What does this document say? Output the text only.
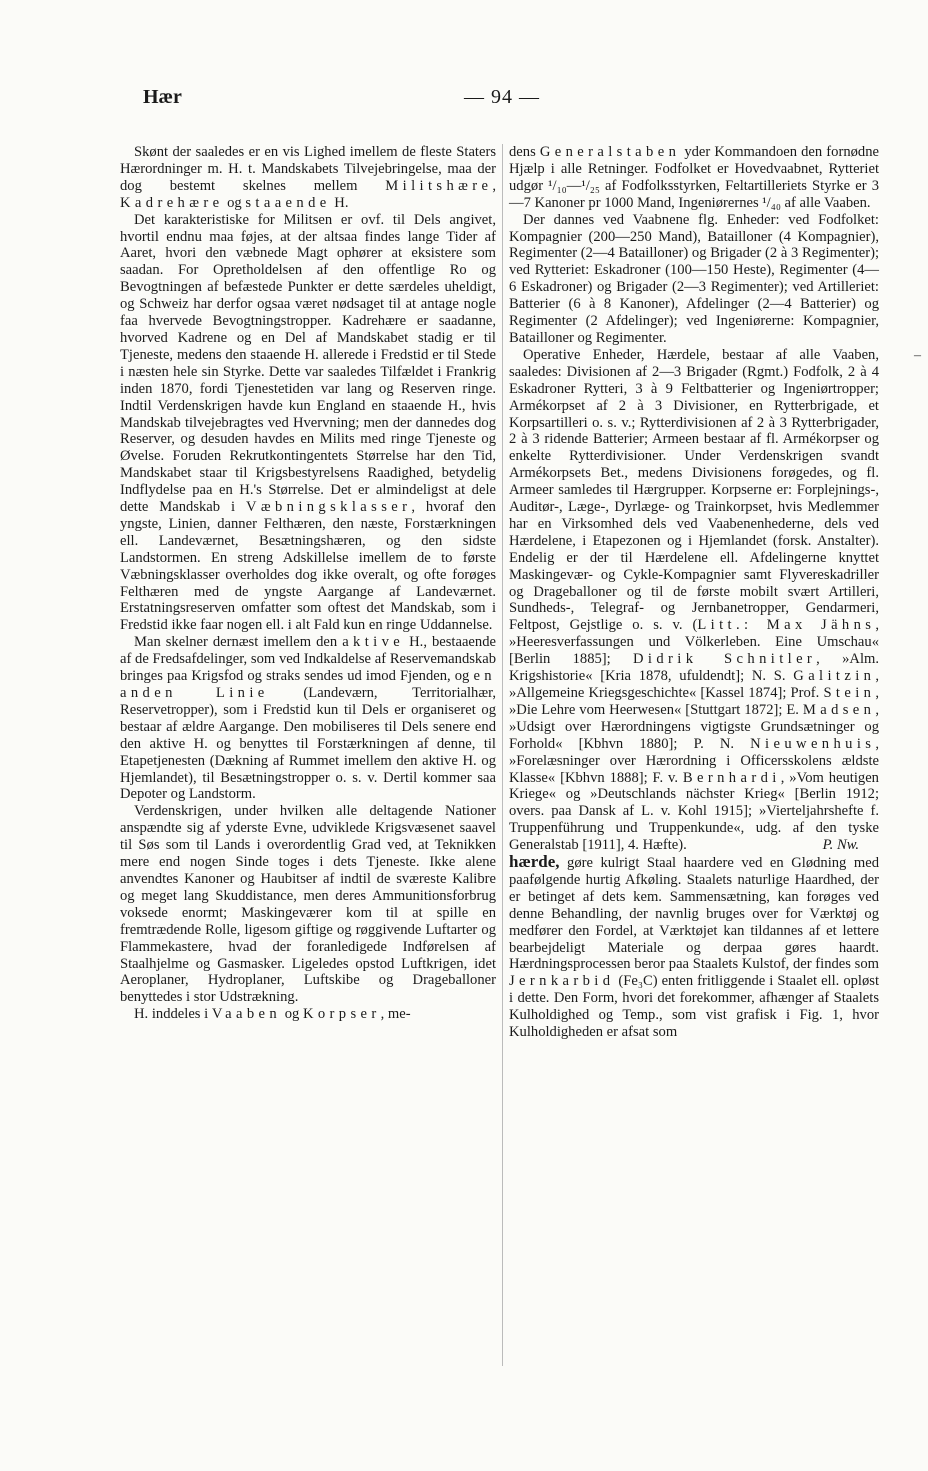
Hær	— 94 —

Skønt der saaledes er en vis Lighed imellem de fleste Staters Hærordninger m. H. t. Mandskabets Tilvejebringelse, maa der dog bestemt skelnes mellem Militshære, Kadrehære og staaende H.

Det karakteristiske for Militsen er ovf. til Dels angivet, hvortil endnu maa føjes, at der altsaa findes lange Tider af Aaret, hvori den væbnede Magt ophører at eksistere som saadan. For Opretholdelsen af den offentlige Ro og Bevogtningen af befæstede Punkter er dette særdeles uheldigt, og Schweiz har derfor ogsaa været nødsaget til at antage nogle faa hvervede Bevogtningstropper. Kadrehære er saadanne, hvorved Kadrene og en Del af Mandskabet stadig er til Tjeneste, medens den staaende H. allerede i Fredstid er til Stede i næsten hele sin Styrke. Dette var saaledes Tilfældet i Frankrig inden 1870, fordi Tjenestetiden var lang og Reserven ringe. Indtil Verdenskrigen havde kun England en staaende H., hvis Mandskab tilvejebragtes ved Hvervning; men der dannedes dog Reserver, og desuden havdes en Milits med ringe Tjeneste og Øvelse. Foruden Rekrutkontingentets Størrelse har den Tid, Mandskabet staar til Krigsbestyrelsens Raadighed, betydelig Indflydelse paa en H.'s Størrelse. Det er almindeligst at dele dette Mandskab i Væbningsklasser, hvoraf den yngste, Linien, danner Felthæren, den næste, Forstærkningen ell. Landeværnet, Besætningshæren, og den sidste Landstormen. En streng Adskillelse imellem de to første Væbningsklasser overholdes dog ikke overalt, og ofte forøges Felthæren med de yngste Aargange af Landeværnet. Erstatningsreserven omfatter som oftest det Mandskab, som i Fredstid ikke faar nogen ell. i alt Fald kun en ringe Uddannelse.

Man skelner dernæst imellem den aktive H., bestaaende af de Fredsafdelinger, som ved Indkaldelse af Reservemandskab bringes paa Krigsfod og straks sendes ud imod Fjenden, og en anden Linie (Landeværn, Territorialhær, Reservetropper), som i Fredstid kun til Dels er organiseret og bestaar af ældre Aargange. Den mobiliseres til Dels senere end den aktive H. og benyttes til Forstærkningen af denne, til Etapetjenesten (Dækning af Rummet imellem den aktive H. og Hjemlandet), til Besætningstropper o. s. v. Dertil kommer saa Depoter og Landstorm.

Verdenskrigen, under hvilken alle deltagende Nationer anspændte sig af yderste Evne, udviklede Krigsvæsenet saavel til Søs som til Lands i overordentlig Grad ved, at Teknikken mere end nogen Sinde toges i dets Tjeneste. Ikke alene anvendtes Kanoner og Haubitser af indtil de sværeste Kalibre og meget lang Skuddistance, men deres Ammunitionsforbrug voksede enormt; Maskingeværer kom til at spille en fremtrædende Rolle, ligesom giftige og røggivende Luftarter og Flammekastere, hvad der foranledigede Indførelsen af Staalhjelme og Gasmasker. Ligeledes opstod Luftkrigen, idet Aeroplaner, Hydroplaner, Luftskibe og Drageballoner benyttedes i stor Udstrækning.

H. inddeles i Vaaben og Korpser, me-

dens Generalstaben yder Kommandoen den fornødne Hjælp i alle Retninger. Fodfolket er Hovedvaabnet, Rytteriet udgør ¹/₁₀—¹/₂₅ af Fodfolksstyrken, Feltartilleriets Styrke er 3—7 Kanoner pr 1000 Mand, Ingeniørernes ¹/₄₀ af alle Vaaben.

Der dannes ved Vaabnene flg. Enheder: ved Fodfolket: Kompagnier (200—250 Mand), Batailloner (4 Kompagnier), Regimenter (2—4 Batailloner) og Brigader (2 à 3 Regimenter); ved Rytteriet: Eskadroner (100—150 Heste), Regimenter (4—6 Eskadroner) og Brigader (2—3 Regimenter); ved Artilleriet: Batterier (6 à 8 Kanoner), Afdelinger (2—4 Batterier) og Regimenter (2 Afdelinger); ved Ingeniørerne: Kompagnier, Batailloner og Regimenter.

Operative Enheder, Hærdele, bestaar af alle Vaaben, saaledes: Divisionen af 2—3 Brigader (Rgmt.) Fodfolk, 2 à 4 Eskadroner Rytteri, 3 à 9 Feltbatterier og Ingeniørtropper; Armékorpset af 2 à 3 Divisioner, en Rytterbrigade, et Korpsartilleri o. s. v.; Rytterdivisionen af 2 à 3 Rytterbrigader, 2 à 3 ridende Batterier; Armeen bestaar af fl. Armékorpser og enkelte Rytterdivisioner. Under Verdenskrigen svandt Armékorpsets Bet., medens Divisionens forøgedes, og fl. Armeer samledes til Hærgrupper. Korpserne er: Forplejnings-, Auditør-, Læge-, Dyrlæge- og Trainkorpset, hvis Medlemmer har en Virksomhed dels ved Vaabenenhederne, dels ved Hærdelene, i Etapezonen og i Hjemlandet (forsk. Anstalter). Endelig er der til Hærdelene ell. Afdelingerne knyttet Maskingevær- og Cykle-Kompagnier samt Flyvereskadriller og Drageballoner og til de første mobilt svært Artilleri, Sundheds-, Telegraf- og Jernbanetropper, Gendarmeri, Feltpost, Gejstlige o. s. v. (Litt.: Max Jähns, »Heeresverfassungen und Völkerleben. Eine Umschau« [Berlin 1885]; Didrik Schnitler, »Alm. Krigshistorie« [Kria 1878, ufuldendt]; N. S. Galitzin, »Allgemeine Kriegsgeschichte« [Kassel 1874]; Prof. Stein, »Die Lehre vom Heerwesen« [Stuttgart 1872]; E. Madsen, »Udsigt over Hærordningens vigtigste Grundsætninger og Forhold« [Kbhvn 1880]; P. N. Nieuwenhuis, »Forelæsninger over Hærordning i Officersskolens ældste Klasse« [Kbhvn 1888]; F. v. Bernhardi, »Vom heutigen Kriege« og »Deutschlands nächster Krieg« [Berlin 1912; overs. paa Dansk af L. v. Kohl 1915]; »Vierteljahrshefte f. Truppenführung und Truppenkunde«, udg. af den tyske Generalstab [1911], 4. Hæfte).	P. Nw.

hærde, gøre kulrigt Staal haardere ved en Glødning med paafølgende hurtig Afkøling. Staalets naturlige Haardhed, der er betinget af dets kem. Sammensætning, kan forøges ved denne Behandling, der navnlig bruges over for Værktøj og medfører den Fordel, at Værktøjet kan tildannes af et lettere bearbejdeligt Materiale og derpaa gøres haardt. Hærdningsprocessen beror paa Staalets Kulstof, der findes som Jernkarbid (Fe₃C) enten fritliggende i Staalet ell. opløst i dette. Den Form, hvori det forekommer, afhænger af Staalets Kulholdighed og Temp., som vist grafisk i Fig. 1, hvor Kulholdigheden er afsat som

–
